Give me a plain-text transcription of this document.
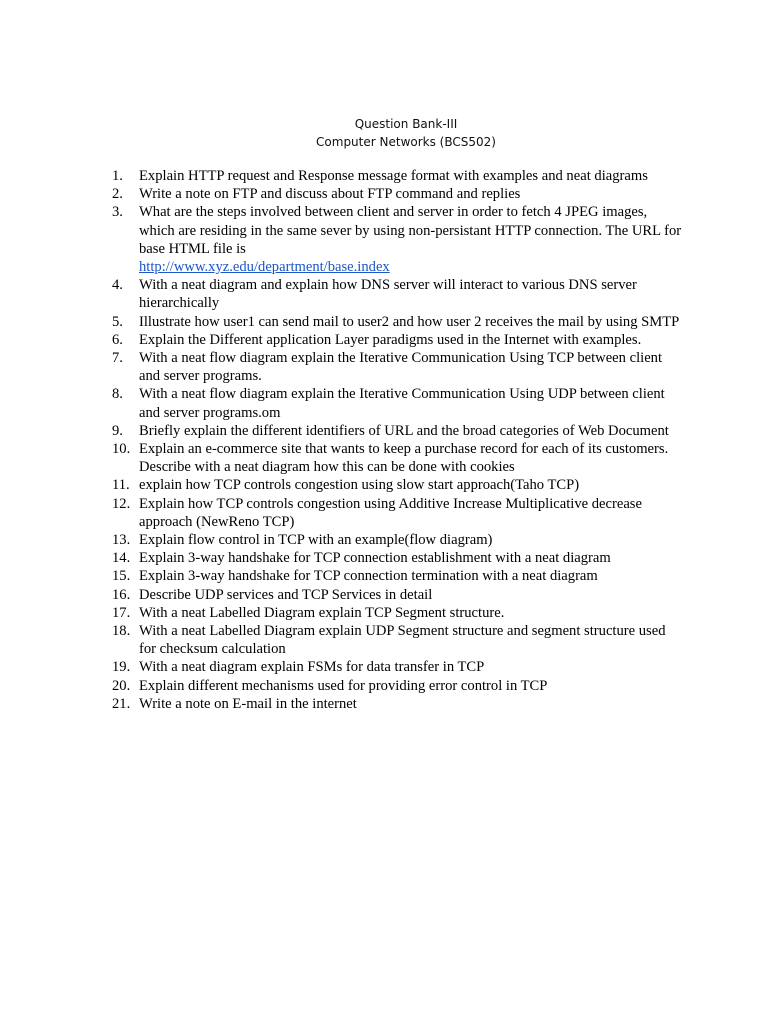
Question Bank-III
Computer Networks (BCS502)
1.	Explain HTTP request and Response message format with examples and neat diagrams
2.	Write a note on FTP and discuss about FTP command and replies
3.	What are the steps involved between client and server in order to fetch 4 JPEG images, which are residing in the same sever by using non-persistant HTTP connection. The URL for base HTML file is
http://www.xyz.edu/department/base.index
4.	With a neat diagram and explain how DNS server will interact to various DNS server hierarchically
5.	Illustrate how user1 can send mail to user2 and how user 2 receives the mail by using SMTP
6.	Explain the Different application Layer paradigms used in the Internet with examples.
7.	With a neat flow diagram explain the Iterative Communication Using TCP between client and server programs.
8.	With a neat flow diagram explain the Iterative Communication Using UDP between client and server programs.om
9.	Briefly explain the different identifiers of URL and the broad categories of Web Document
10. Explain an e-commerce site that wants to keep a purchase record for each of its customers. Describe with a neat diagram how this can be done with cookies
11. explain how TCP controls congestion using slow start approach(Taho TCP)
12. Explain how TCP controls congestion using Additive Increase Multiplicative decrease approach (NewReno TCP)
13. Explain flow control in TCP with an example(flow diagram)
14. Explain 3-way handshake for TCP connection establishment with a neat diagram
15. Explain 3-way handshake for TCP connection termination with a neat diagram
16. Describe UDP services and TCP Services in detail
17. With a neat Labelled Diagram explain TCP Segment structure.
18. With a neat Labelled Diagram explain UDP Segment structure and segment structure used for checksum calculation
19. With a neat diagram explain FSMs for data transfer in TCP
20. Explain different mechanisms used for providing error control in TCP
21. Write a note on E-mail in the internet
